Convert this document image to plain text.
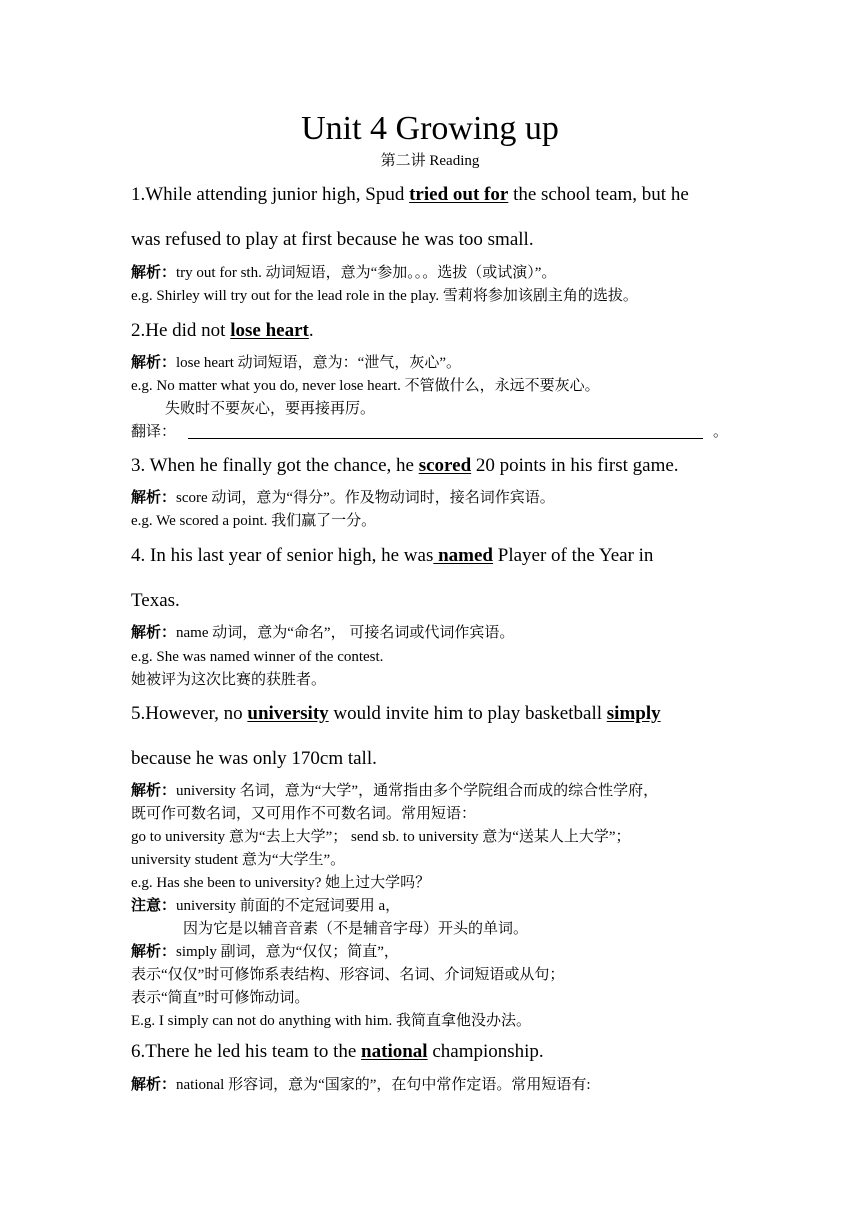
Unit 4 Growing up
第二讲 Reading
1.While attending junior high, Spud tried out for the school team, but he
was refused to play at first because he was too small.
解析：try out for sth. 动词短语，意为“参加。。。选拔（或试演）”。
e.g. Shirley will try out for the lead role in the play. 雪莉将参加该剧主角的选拔。
2.He did not lose heart.
解析：lose heart 动词短语，意为：“泄气，灰心”。
e.g. No matter what you do, never lose heart. 不管做什么，永远不要灰心。
失败时不要灰心，要再接再厉。
翻译：	。
3. When he finally got the chance, he scored 20 points in his first game.
解析：score 动词，意为“得分”。作及物动词时，接名词作宾语。
e.g. We scored a point. 我们赢了一分。
4. In his last year of senior high, he was named Player of the Year in
Texas.
解析：name 动词，意为“命名”， 可接名词或代词作宾语。
e.g. She was named winner of the contest.
她被评为这次比赛的获胜者。
5.However, no university would invite him to play basketball simply
because he was only 170cm tall.
解析：university 名词，意为“大学”，通常指由多个学院组合而成的综合性学府，
既可作可数名词，又可用作不可数名词。常用短语：
go to university 意为“去上大学”； send sb. to university 意为“送某人上大学”；
university student 意为“大学生”。
e.g. Has she been to university? 她上过大学吗？
注意：university 前面的不定冠词要用 a，
因为它是以辅音音素（不是辅音字母）开头的单词。
解析：simply 副词，意为“仅仅；简直”，
表示“仅仅”时可修饰系表结构、形容词、名词、介词短语或从句；
表示“简直”时可修饰动词。
E.g. I simply can not do anything with him. 我简直拿他没办法。
6.There he led his team to the national championship.
解析：national 形容词，意为“国家的”，在句中常作定语。常用短语有:
